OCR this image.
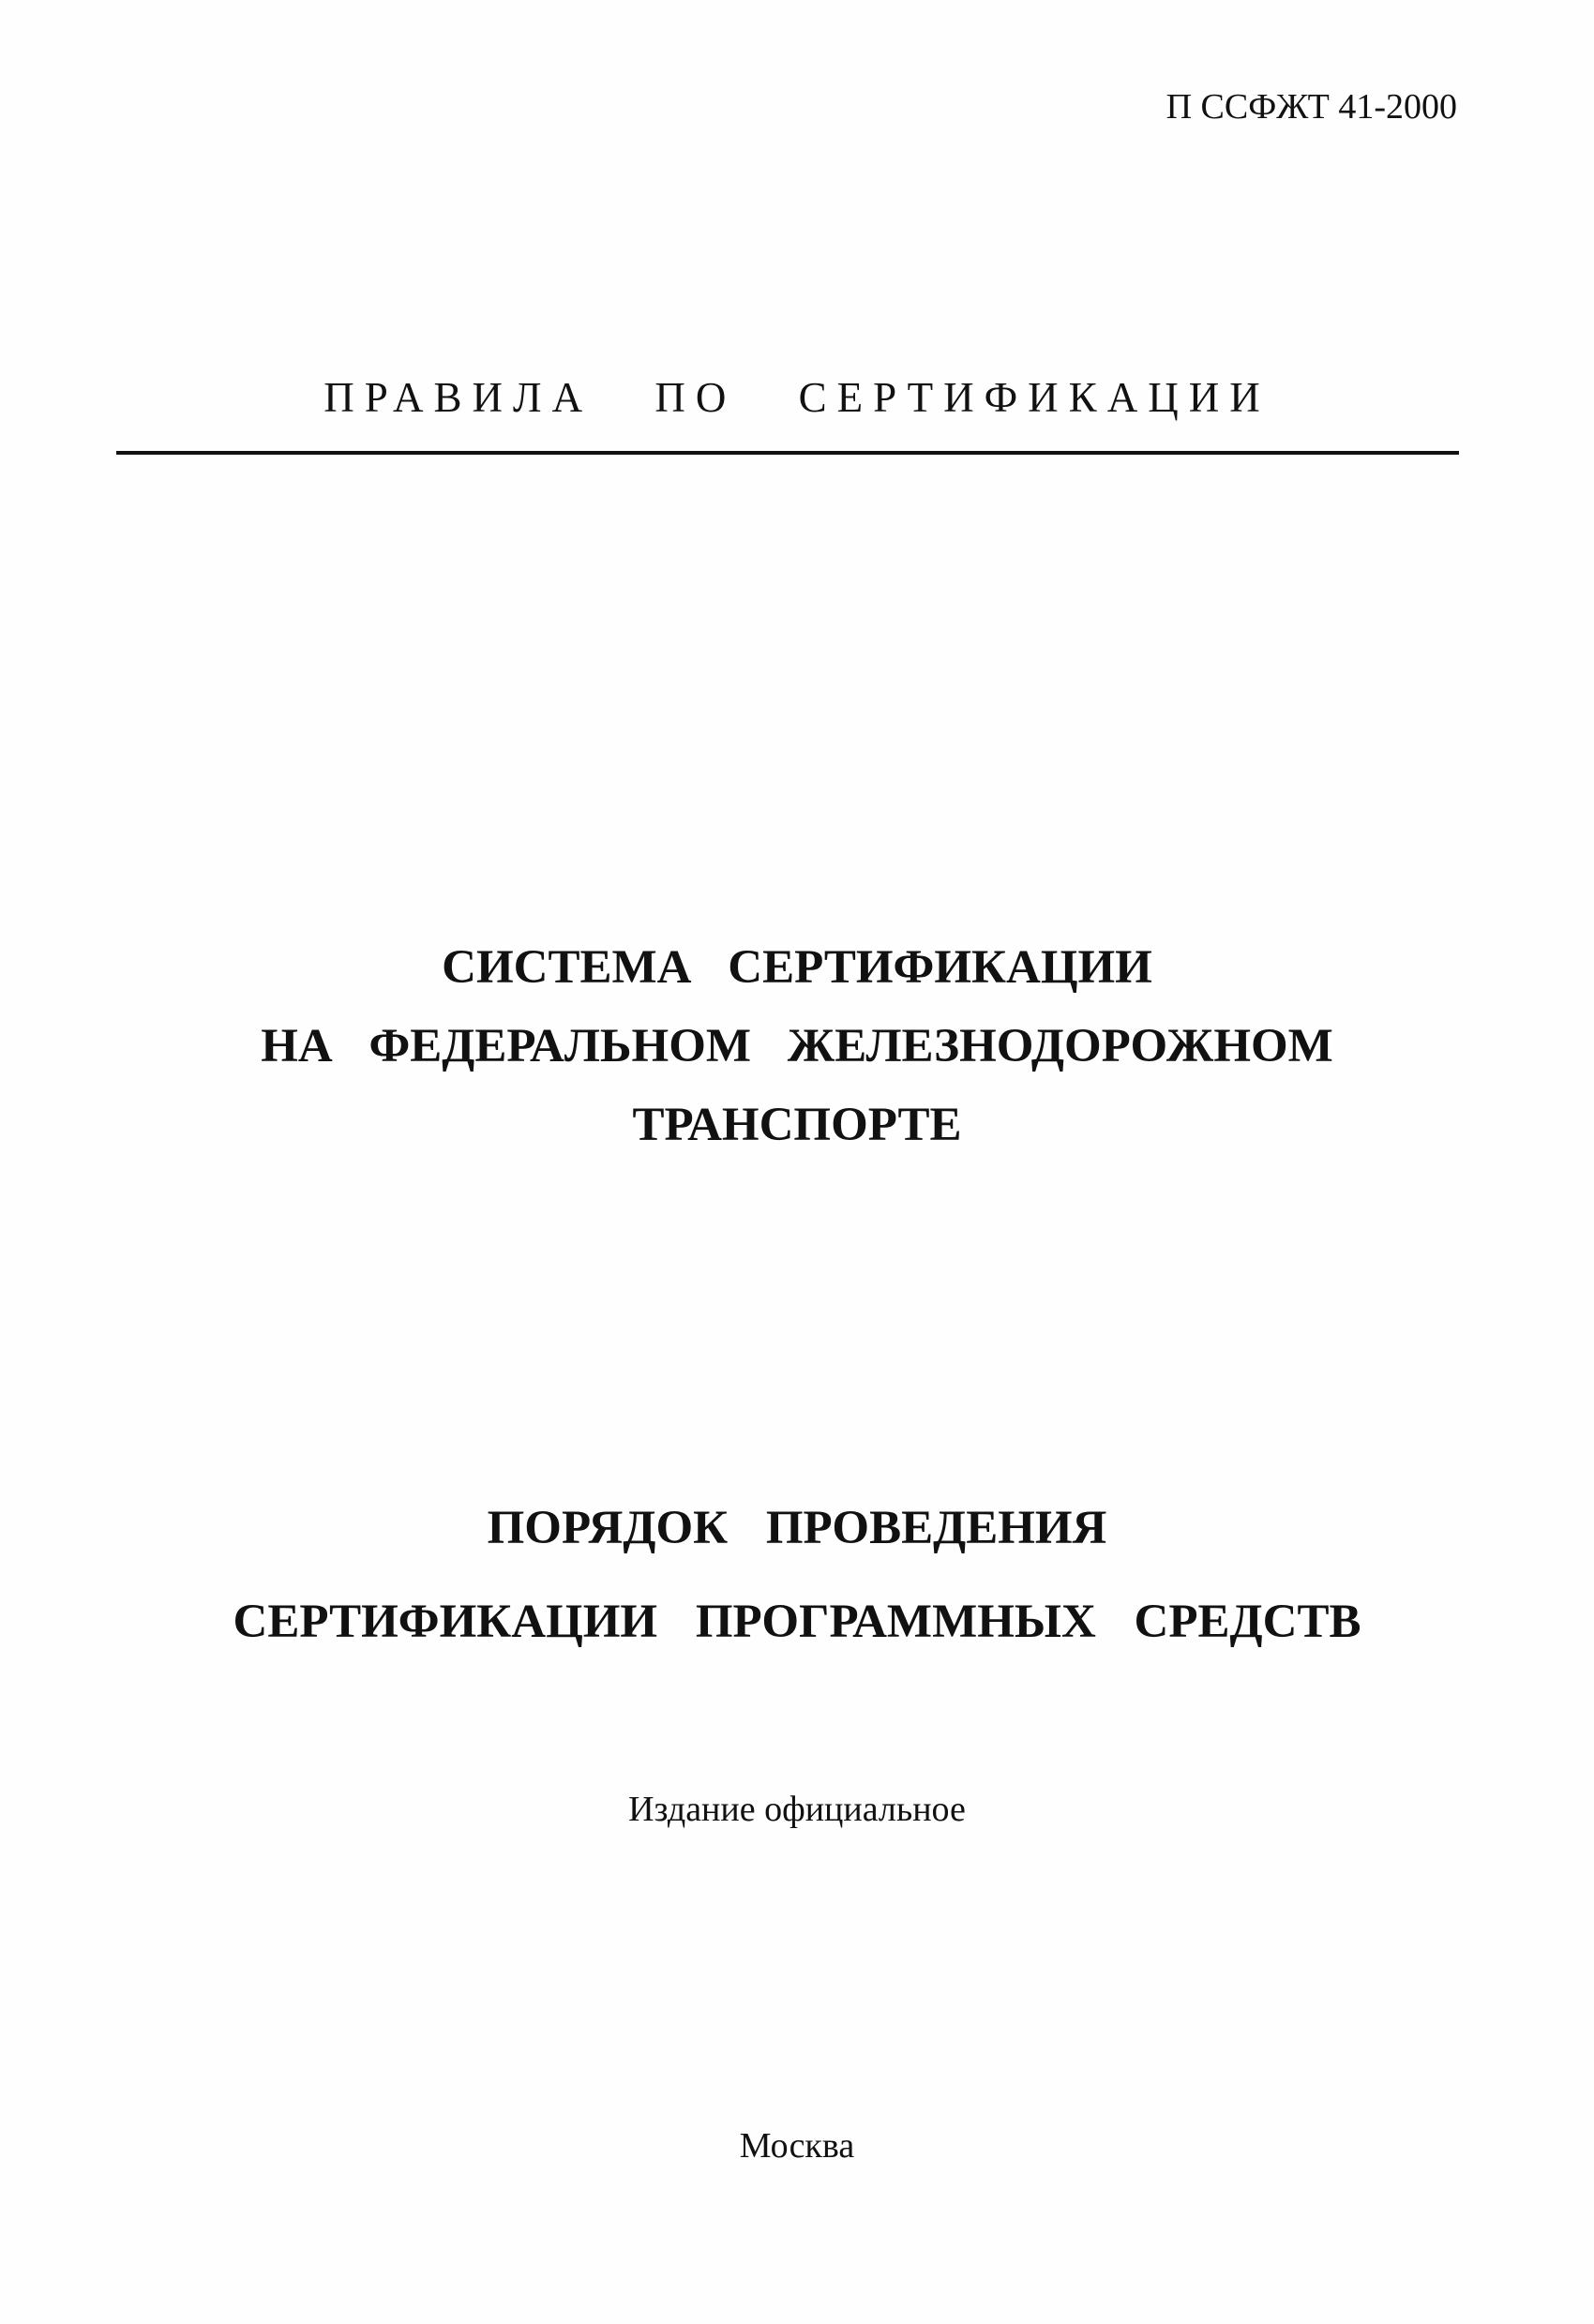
П ССФЖТ 41-2000
ПРАВИЛА ПО СЕРТИФИКАЦИИ
СИСТЕМА СЕРТИФИКАЦИИ
НА ФЕДЕРАЛЬНОМ ЖЕЛЕЗНОДОРОЖНОМ
ТРАНСПОРТЕ
ПОРЯДОК ПРОВЕДЕНИЯ
СЕРТИФИКАЦИИ ПРОГРАММНЫХ СРЕДСТВ
Издание официальное
Москва
